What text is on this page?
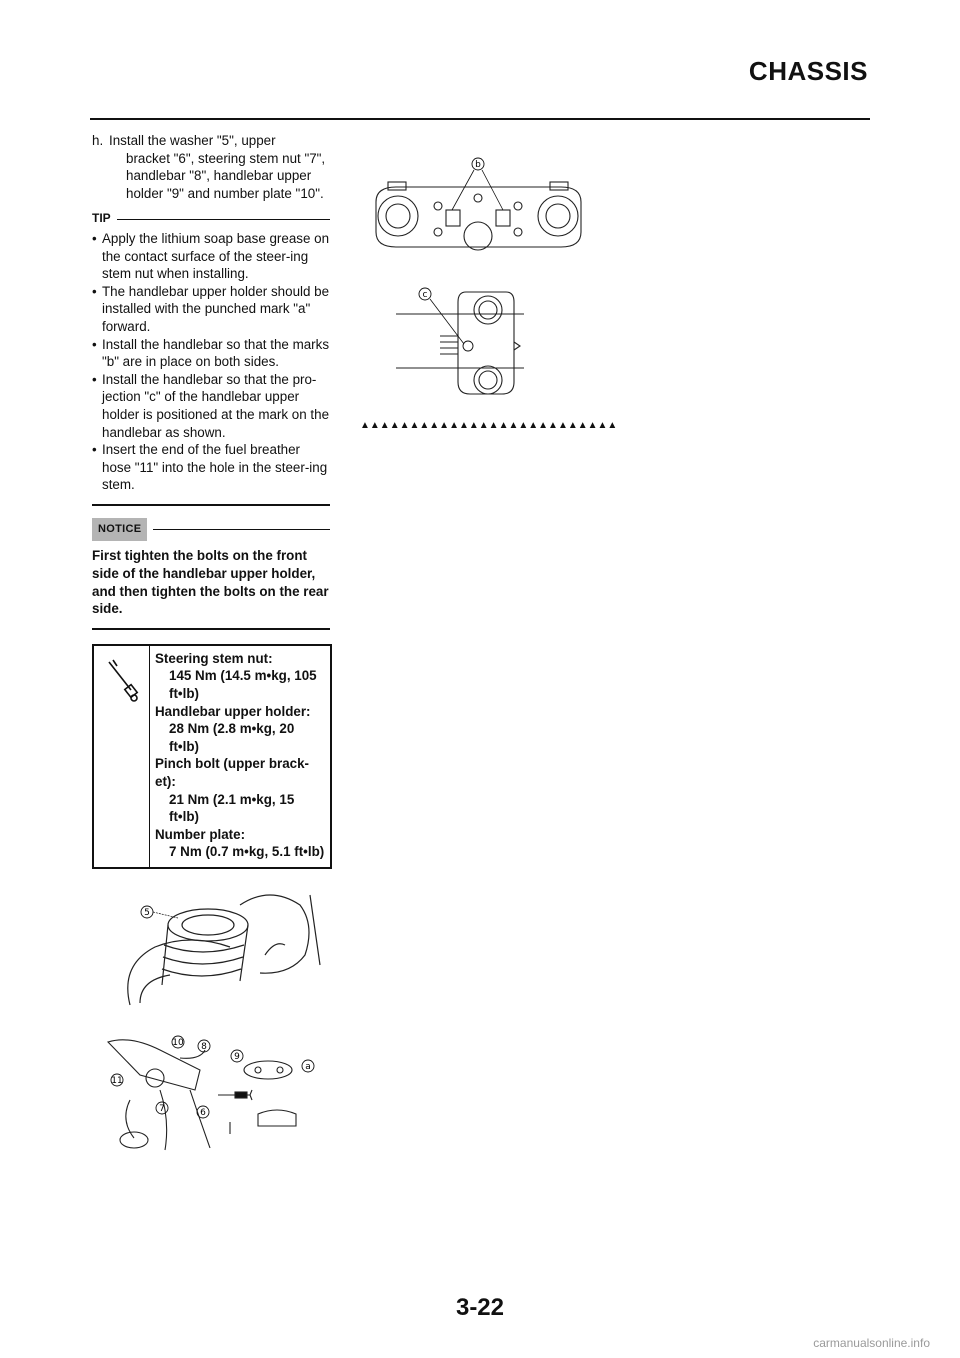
CHASSIS
h. Install the washer "5", upper
bracket "6", steering stem nut "7",
handlebar "8", handlebar upper
holder "9" and number plate "10".
TIP
• Apply the lithium soap base grease on the contact surface of the steer-ing stem nut when installing.
• The handlebar upper holder should be installed with the punched mark "a" forward.
• Install the handlebar so that the marks "b" are in place on both sides.
• Install the handlebar so that the pro-jection "c" of the handlebar upper holder is positioned at the mark on the handlebar as shown.
• Insert the end of the fuel breather hose "11" into the hole in the steer-ing stem.
NOTICE
First tighten the bolts on the front side of the handlebar upper holder, and then tighten the bolts on the rear side.
Steering stem nut:
145 Nm (14.5 m•kg, 105 ft•lb)
Handlebar upper holder:
28 Nm (2.8 m•kg, 20 ft•lb)
Pinch bolt (upper brack-et):
21 Nm (2.1 m•kg, 15 ft•lb)
Number plate:
7 Nm (0.7 m•kg, 5.1 ft•lb)
5
10 8
9
a
11
7	6
b
c
▲▲▲▲▲▲▲▲▲▲▲▲▲▲▲▲▲▲▲▲▲▲▲▲▲▲
3-22
carmanualsonline.info
